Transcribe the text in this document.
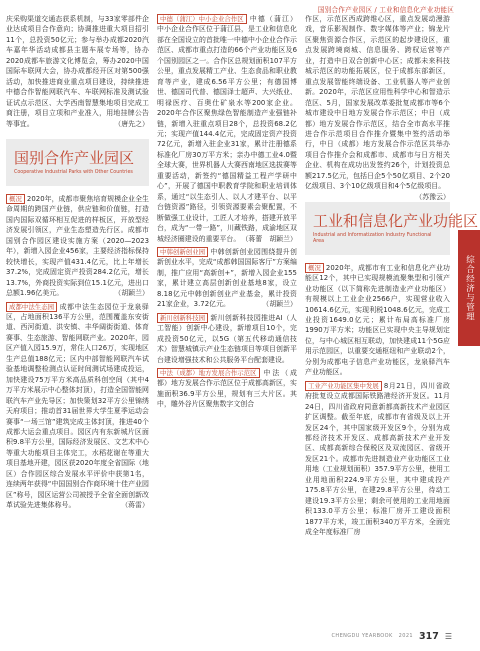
国别合作产业园区 / 工业和信息化产业功能区

庆采购渠道交通态获系机制，与33家零部件企业达成项目合作意向；协调推进重大项目招引11个，总投资50亿元；参与举办成都2020汽车嘉年华活动成都县主题车展专场等，协办2020成都车旅游文化博览会，筹办2020中国国际车联网大会，协办成都经开区对第500强活动，加快推进商业重点项目建设，持续推进中德合作智能网联汽车、车联网标准及测试验证试点示范区、大学西南智慧集地项目完成工商注册，项目立项和产业准入，用地挂牌公告等事宜。	（唐先之）

国别合作产业园区
Cooperative Industrial Parks with Other Countries

概况 2020年，成都市聚焦培育规模企业全生命周期的跨国产业链，供应链和价值链，打造国内国际双循环相互促进的样板区，开放型经济发展引领区，产业生态塑造先行区。成都市国别合作园区建设实施方案（2020—2023年），新增入园企业456家，主要经济指标保持较快增长，实现产值431.4亿元，比上年增长37.2%，完成固定资产投资284.2亿元，增长13.7%，外商投资实际到位15.1亿元，进出口总额1.96亿美元。	（胡颖兰）

成都中法生态园 成都中法生态园位于龙泉驿区，占地面积136平方公里，范围覆盖东安街道、西河街道、洪安镇、丰华阔街街道、体育赛事、生态旅游、智能网联产业。2020年，园区产值入园15.9万，常住人口26万，实现地区生产总值188亿元；区内中部智能网联汽车试验基地调整检测点认证时间测试场建成投运，加快建设75万平方米高品质科创空间（其中4万平方米展示中心整体封顶），打造全国智能网联汽车产业先导区；加快策划32平方公里锦绣天府项目；推动首31届世界大学生夏季运动会赛事“一场三馆”建筑完成主体封顶，推进40个成都大运会重点项目。园区内有东新城片区面积9.8平方公里，国际经济发展区、文艺术中心等重大功能项目主体完工，水稻花谢在等重大项目基地开建，园区获2020年度全省国际（地区）合作园区综合发展水平评价中获第1名，连续两年获得“中国国别合作商环境十佳产业园区”称号，园区运营公司被授予全省全面创新改革试验先进集体称号。	（蒋雷）

中德（蒲江）中小企业合作区 中德（蒲江）中小企业合作区位于蒲江县，是工业和信息化部在全国设立的首批唯一中德中小企业合作示范区、成都市重点打造的66个产业功能区及6个国别园区之一。合作区总规划面积107平方公里，重点发展精工产业、生态食品和职业教育等产业，建成6.56平方公里；有德国博世、德国司代普、德国泽士超声、大兴纸业、明禄医疗、百奥仕矿泉水等200家企业。2020年合作区聚焦绿色智能制造产业强链补链，新增入驻重点项目28个，总投资68.2亿元；实现产值144.4亿元，完成固定资产投资72亿元，新增入驻企业31家，累计注册德系标准化厂房30万平方米；亲办中德工业4.0暨全球大赛，世界机器人大赛西南地区选拔赛等重要活动，新签约“德国精益工程产学研中心”，开展了德国中职教育学院和职业培训体系，通过“以生态引人、以人才建平台、以平台链资源”路径，引领资源要素会聚配置，不断做强工业设计，工匠人才培养，搭建开放平台，成为“一带一路”，川藏铁路，成渝地区双城经济圈建设的重要平台。 （蒋蕾　胡颖兰）

中韩创新创业园 中韩创新创业园围绕提升创新创业水平，完成“成都韩国国际客厅”方案编制，推广应用“高新创+”，新增入园企业155家，累计建立高层创新创业基地8家，设立8.18亿元中韩创新创业产业基金，累计投资21家企业，3.72亿元。	（胡颖兰）

新川创新科技园 新川创新科技园推进AI（人工智能）创新中心建设，新增项目10个，完成投资50亿元，以5G（第五代移动通信技术）智慧城镇示产业生态链项目等项目创新平台建设增强技术和公共服务平台配套建设。

中法（成都）地方发展合作示范区 中法（成都）地方发展合作示范区位于成都高新区，实施面积36.9平方公里，规划有三大片区。其中，雕外谷片区聚焦数字文创合

作区，示范区西成跨维心区，重点发展动漫游戏，音乐影视制作、数字媒体等产业；锦龙片区聚焦资源合作区，示范区的起步建设区，重点发展跨境商城、信息服务、跨权运营等产业，打造中日双合创新中心区；成都未来科技城示范区的功能拓展区，位于成都东部新区，重点发展智能终端设备、工业机器人等产业创新。2020年，示范区应用性科学中心和智造示范区、5月，国家发展改革委批复成都市等6个城市建设中日地方发展合作示范区；中日（成都）地方发展合作示范区，结合全市高水平推进合作示范项目合作推介暨集中签约活动举行，中日（成都）地方发展合作示范区共举办项目合作推介会和成都市、成都市与日方相关企业、机构在成功出发签约26个，计划投资总额217.5亿元，包括日企5个50亿项目、2个20亿级项目、3个10亿级项目和4个5亿级项目。
（苏豫云）

工业和信息化产业功能区
Industrial and Informatization Industry Functional Area

概况 2020年，成都市有工业和信息化产业功能区12个，其中已实现规模流聚集型和引领产业功能区（以下简称先进制造业产业功能区）有规模以上工业企业2566户，实现营业收入10614.6亿元，实现利税1048.6亿元，完成工业投资1649.0亿元；累计布局高标准厂房1990万平方米；功能区已实现中央主导规划定位，与中心城区相互联动，加快建成11个5G应用示范园区，以重要交通枢纽和产业联动2个，分别为成都电子信息产业功能区，龙泉驿汽车产业功能区。

工业产业功能区集中发展 8月21日，四川省政府批复设立成都国际铁路港经济开发区。11月24日，四川省政府同意新都高新技术产业园区扩区调整。截至年底，成都市有省级及以上开发区24个，其中国家级开发区9个，分别为成都经济技术开发区、成都高新技术产业开发区、成都高新综合保税区及双流园区、省级开发区21个。成都市先进制造业产业功能区工业用地（工业规划面积）357.9平方公里，使用工业用地面积224.9平方公里，其中建成投产175.8平方公里，在建29.8平方公里，待动工建设19.3平方公里；剩余可使用的工业用地面积133.0平方公里；标准厂房开工建设面积1877平方米，竣工面积340万平方米，全面完成全年度标准厂房

综合经济与管理
CHENGDU YEARBOOK 2021 317 ☰
